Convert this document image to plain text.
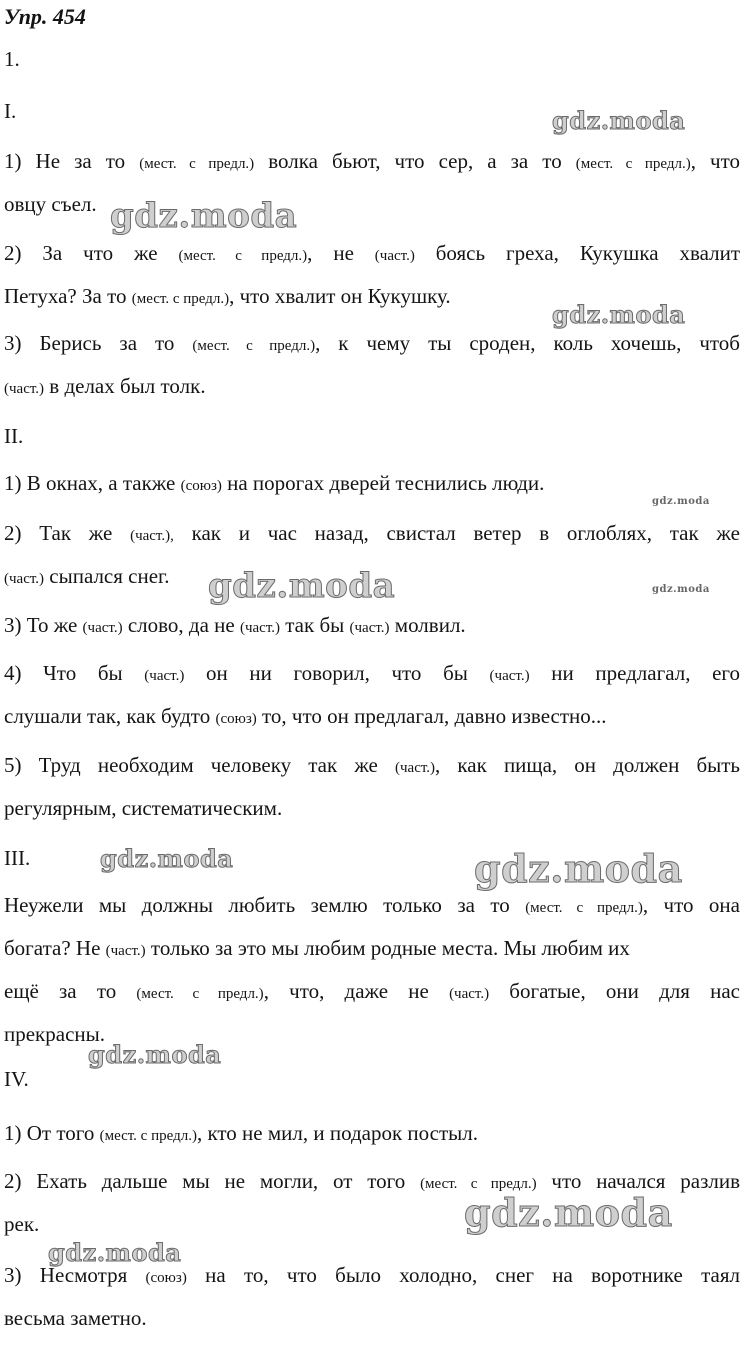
Упр. 454
1.
I.
1) Не за то (мест. с предл.) волка бьют, что сер, а за то (мест. с предл.), что
овцу съел.
2) За что же (мест. с предл.), не (част.) боясь греха, Кукушка хвалит
Петуха? За то (мест. с предл.), что хвалит он Кукушку.
3) Берись за то (мест. с предл.), к чему ты сроден, коль хочешь, чтоб
(част.) в делах был толк.
II.
1) В окнах, а также (союз) на порогах дверей теснились люди.
2) Так же (част.), как и час назад, свистал ветер в оглоблях, так же
(част.) сыпался снег.
3) То же (част.) слово, да не (част.) так бы (част.) молвил.
4) Что бы (част.) он ни говорил, что бы (част.) ни предлагал, его
слушали так, как будто (союз) то, что он предлагал, давно известно...
5) Труд необходим человеку так же (част.), как пища, он должен быть
регулярным, систематическим.
III.
Неужели мы должны любить землю только за то (мест. с предл.), что она
богата? Не (част.) только за это мы любим родные места. Мы любим их
ещё за то (мест. с предл.), что, даже не (част.) богатые, они для нас
прекрасны.
IV.
1) От того (мест. с предл.), кто не мил, и подарок постыл.
2) Ехать дальше мы не могли, от того (мест. с предл.) что начался разлив
рек.
3) Несмотря (союз) на то, что было холодно, снег на воротнике таял
весьма заметно.
gdz.moda
gdz.moda
gdz.moda
gdz.moda
gdz.moda	gdz.moda
gdz.moda	gdz.moda
gdz.moda
gdz.moda
gdz.moda
